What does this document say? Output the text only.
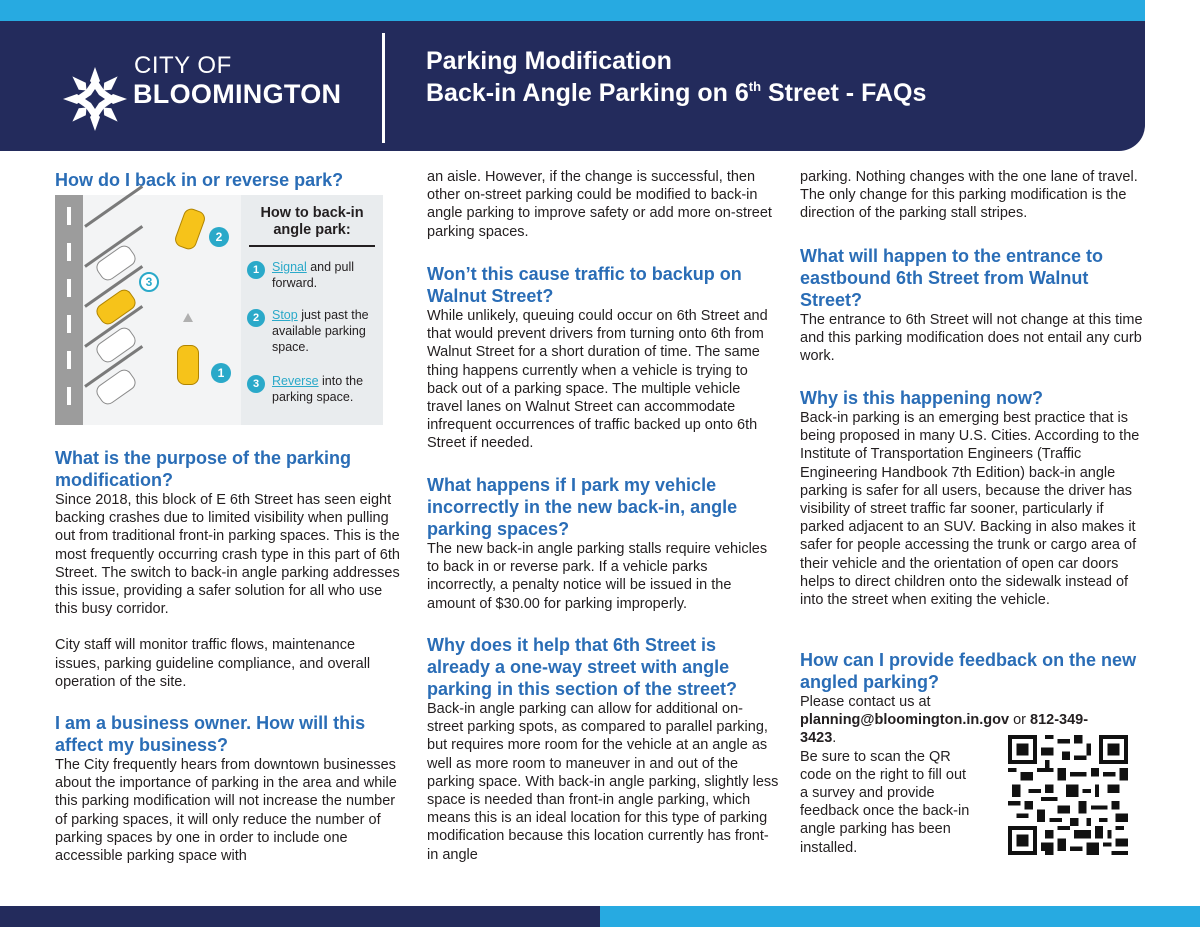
CITY OF
BLOOMINGTON
Parking Modification
Back-in Angle Parking on 6th Street - FAQs
How do I back in or reverse park?
2
3
1
How to back-in angle park:
1	Signal and pull forward.
2	Stop just past the available parking space.
3	Reverse into the parking space.
What is the purpose of the parking modification?

Since 2018, this block of E 6th Street has seen eight backing crashes due to limited visibility when pulling out from traditional front-in parking spaces. This is the most frequently occurring crash type in this part of 6th Street. The switch to back-in angle parking addresses this issue, providing a safer solution for all who use this busy corridor.

City staff will monitor traffic flows, maintenance issues, parking guideline compliance, and overall operation of the site.

I am a business owner. How will this affect my business?

The City frequently hears from downtown businesses about the importance of parking in the area and while this parking modification will not increase the number of parking spaces, it will only reduce the number of parking spaces by one in order to include one accessible parking space with

an aisle. However, if the change is successful, then other on-street parking could be modified to back-in angle parking to improve safety or add more on-street parking spaces.

Won’t this cause traffic to backup on Walnut Street?

While unlikely, queuing could occur on 6th Street and that would prevent drivers from turning onto 6th from Walnut Street for a short duration of time. The same thing happens currently when a vehicle is trying to back out of a parking space. The multiple vehicle travel lanes on Walnut Street can accommodate infrequent occurrences of traffic backed up onto 6th Street if needed.

What happens if I park my vehicle incorrectly in the new back-in, angle parking spaces?

The new back-in angle parking stalls require vehicles to back in or reverse park. If a vehicle parks incorrectly, a penalty notice will be issued in the amount of $30.00 for parking improperly.

Why does it help that 6th Street is already a one-way street with angle parking in this section of the street?

Back-in angle parking can allow for additional on-street parking spots, as compared to parallel parking, but requires more room for the vehicle at an angle as well as more room to maneuver in and out of the parking space. With back-in angle parking, slightly less space is needed than front-in angle parking, which means this is an ideal location for this type of parking modification because this location currently has front-in angle

parking. Nothing changes with the one lane of travel. The only change for this parking modification is the direction of the parking stall stripes.

What will happen to the entrance to eastbound 6th Street from Walnut Street?

The entrance to 6th Street will not change at this time and this parking modification does not entail any curb work.

Why is this happening now?

Back-in parking is an emerging best practice that is being proposed in many U.S. Cities. According to the Institute of Transportation Engineers (Traffic Engineering Handbook 7th Edition) back-in angle parking is safer for all users, because the driver has visibility of street traffic far sooner, particularly if parked adjacent to an SUV. Backing in also makes it safer for people accessing the trunk or cargo area of their vehicle and the orientation of open car doors helps to direct children onto the sidewalk instead of into the street when exiting the vehicle.

How can I provide feedback on the new angled parking?

Please contact us at planning@bloomington.in.gov or 812-349-3423.

Be sure to scan the QR code on the right to fill out a survey and provide feedback once the back-in angle parking has been installed.
